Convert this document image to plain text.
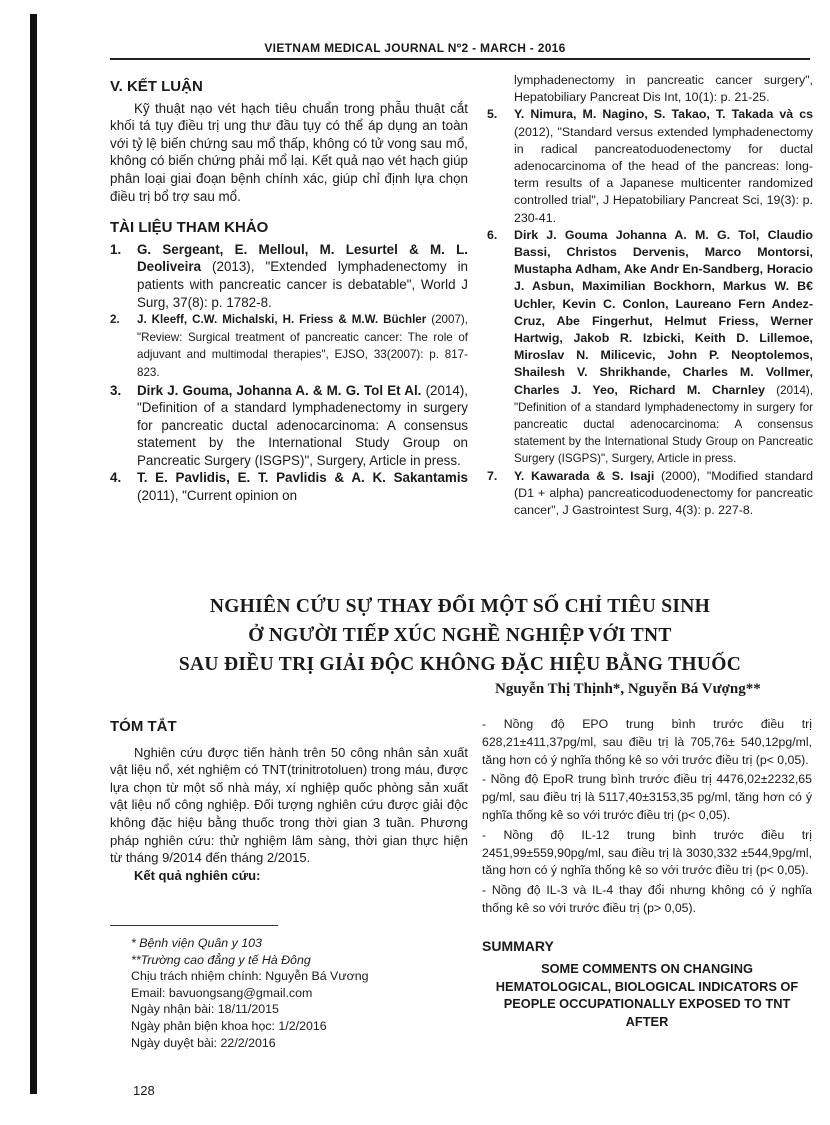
VIETNAM MEDICAL JOURNAL Nº2 - MARCH - 2016
V. KẾT LUẬN

Kỹ thuật nạo vét hạch tiêu chuẩn trong phẫu thuật cắt khối tá tụy điều trị ung thư đầu tụy có thể áp dụng an toàn với tỷ lệ biến chứng sau mổ thấp, không có tử vong sau mổ, không có biến chứng phải mổ lại. Kết quả nạo vét hạch giúp phân loại giai đoạn bệnh chính xác, giúp chỉ định lựa chọn điều trị bổ trợ sau mổ.

TÀI LIỆU THAM KHẢO
1.	G. Sergeant, E. Melloul, M. Lesurtel & M. L. Deoliveira (2013), "Extended lymphadenectomy in patients with pancreatic cancer is debatable", World J Surg, 37(8): p. 1782-8.
2.	J. Kleeff, C.W. Michalski, H. Friess & M.W. Büchler (2007), "Review: Surgical treatment of pancreatic cancer: The role of adjuvant and multimodal therapies", EJSO, 33(2007): p. 817-823.
3.	Dirk J. Gouma, Johanna A. & M. G. Tol Et Al. (2014), "Definition of a standard lymphadenectomy in surgery for pancreatic ductal adenocarcinoma: A consensus statement by the International Study Group on Pancreatic Surgery (ISGPS)", Surgery, Article in press.
4.	T. E. Pavlidis, E. T. Pavlidis & A. K. Sakantamis (2011), "Current opinion on
lymphadenectomy in pancreatic cancer surgery", Hepatobiliary Pancreat Dis Int, 10(1): p. 21-25.
5.	Y. Nimura, M. Nagino, S. Takao, T. Takada và cs (2012), "Standard versus extended lymphadenectomy in radical pancreatoduodenectomy for ductal adenocarcinoma of the head of the pancreas: long-term results of a Japanese multicenter randomized controlled trial", J Hepatobiliary Pancreat Sci, 19(3): p. 230-41.
6.	Dirk J. Gouma Johanna A. M. G. Tol, Claudio Bassi, Christos Dervenis, Marco Montorsi, Mustapha Adham, Ake Andr En-Sandberg, Horacio J. Asbun, Maximilian Bockhorn, Markus W. B€ Uchler, Kevin C. Conlon, Laureano Fern Andez-Cruz, Abe Fingerhut, Helmut Friess, Werner Hartwig, Jakob R. Izbicki, Keith D. Lillemoe, Miroslav N. Milicevic, John P. Neoptolemos, Shailesh V. Shrikhande, Charles M. Vollmer, Charles J. Yeo, Richard M. Charnley (2014), "Definition of a standard lymphadenectomy in surgery for pancreatic ductal adenocarcinoma: A consensus statement by the International Study Group on Pancreatic Surgery (ISGPS)", Surgery, Article in press.
7.	Y. Kawarada & S. Isaji (2000), "Modified standard (D1 + alpha) pancreaticoduodenectomy for pancreatic cancer", J Gastrointest Surg, 4(3): p. 227-8.
NGHIÊN CỨU SỰ THAY ĐỔI MỘT SỐ CHỈ TIÊU SINH
Ở NGƯỜI TIẾP XÚC NGHỀ NGHIỆP VỚI TNT
SAU ĐIỀU TRỊ GIẢI ĐỘC KHÔNG ĐẶC HIỆU BẰNG THUỐC
Nguyễn Thị Thịnh*, Nguyễn Bá Vượng**
TÓM TẮT

Nghiên cứu được tiến hành trên 50 công nhân sản xuất vật liệu nổ, xét nghiệm có TNT(trinitrotoluen) trong máu, được lựa chọn từ một số nhà máy, xí nghiệp quốc phòng sản xuất vật liệu nổ công nghiệp. Đối tượng nghiên cứu được giải độc không đặc hiệu bằng thuốc trong thời gian 3 tuần. Phương pháp nghiên cứu: thử nghiệm lâm sàng, thời gian thực hiện từ tháng 9/2014 đến tháng 2/2015.

Kết quả nghiên cứu:

- Nồng độ EPO trung bình trước điều trị 628,21±411,37pg/ml, sau điều trị là 705,76± 540,12pg/ml, tăng hơn có ý nghĩa thống kê so với trước điều trị (p< 0,05).

- Nồng độ EpoR trung bình trước điều trị 4476,02±2232,65 pg/ml, sau điều trị là 5117,40±3153,35 pg/ml, tăng hơn có ý nghĩa thống kê so với trước điều trị (p< 0,05).

- Nồng độ IL-12 trung bình trước điều trị 2451,99±559,90pg/ml, sau điều trị là 3030,332 ±544,9pg/ml, tăng hơn có ý nghĩa thống kê so với trước điều trị (p< 0,05).

- Nồng độ IL-3 và IL-4 thay đổi nhưng không có ý nghĩa thống kê so với trước điều trị (p> 0,05).

* Bệnh viện Quân y 103
**Trường cao đẳng y tế Hà Đông
Chịu trách nhiệm chính: Nguyễn Bá Vương
Email: bavuongsang@gmail.com
Ngày nhận bài: 18/11/2015
Ngày phản biện khoa học: 1/2/2016
Ngày duyệt bài: 22/2/2016
SUMMARY
SOME COMMENTS ON CHANGING HEMATOLOGICAL, BIOLOGICAL INDICATORS OF PEOPLE OCCUPATIONALLY EXPOSED TO TNT AFTER
128
